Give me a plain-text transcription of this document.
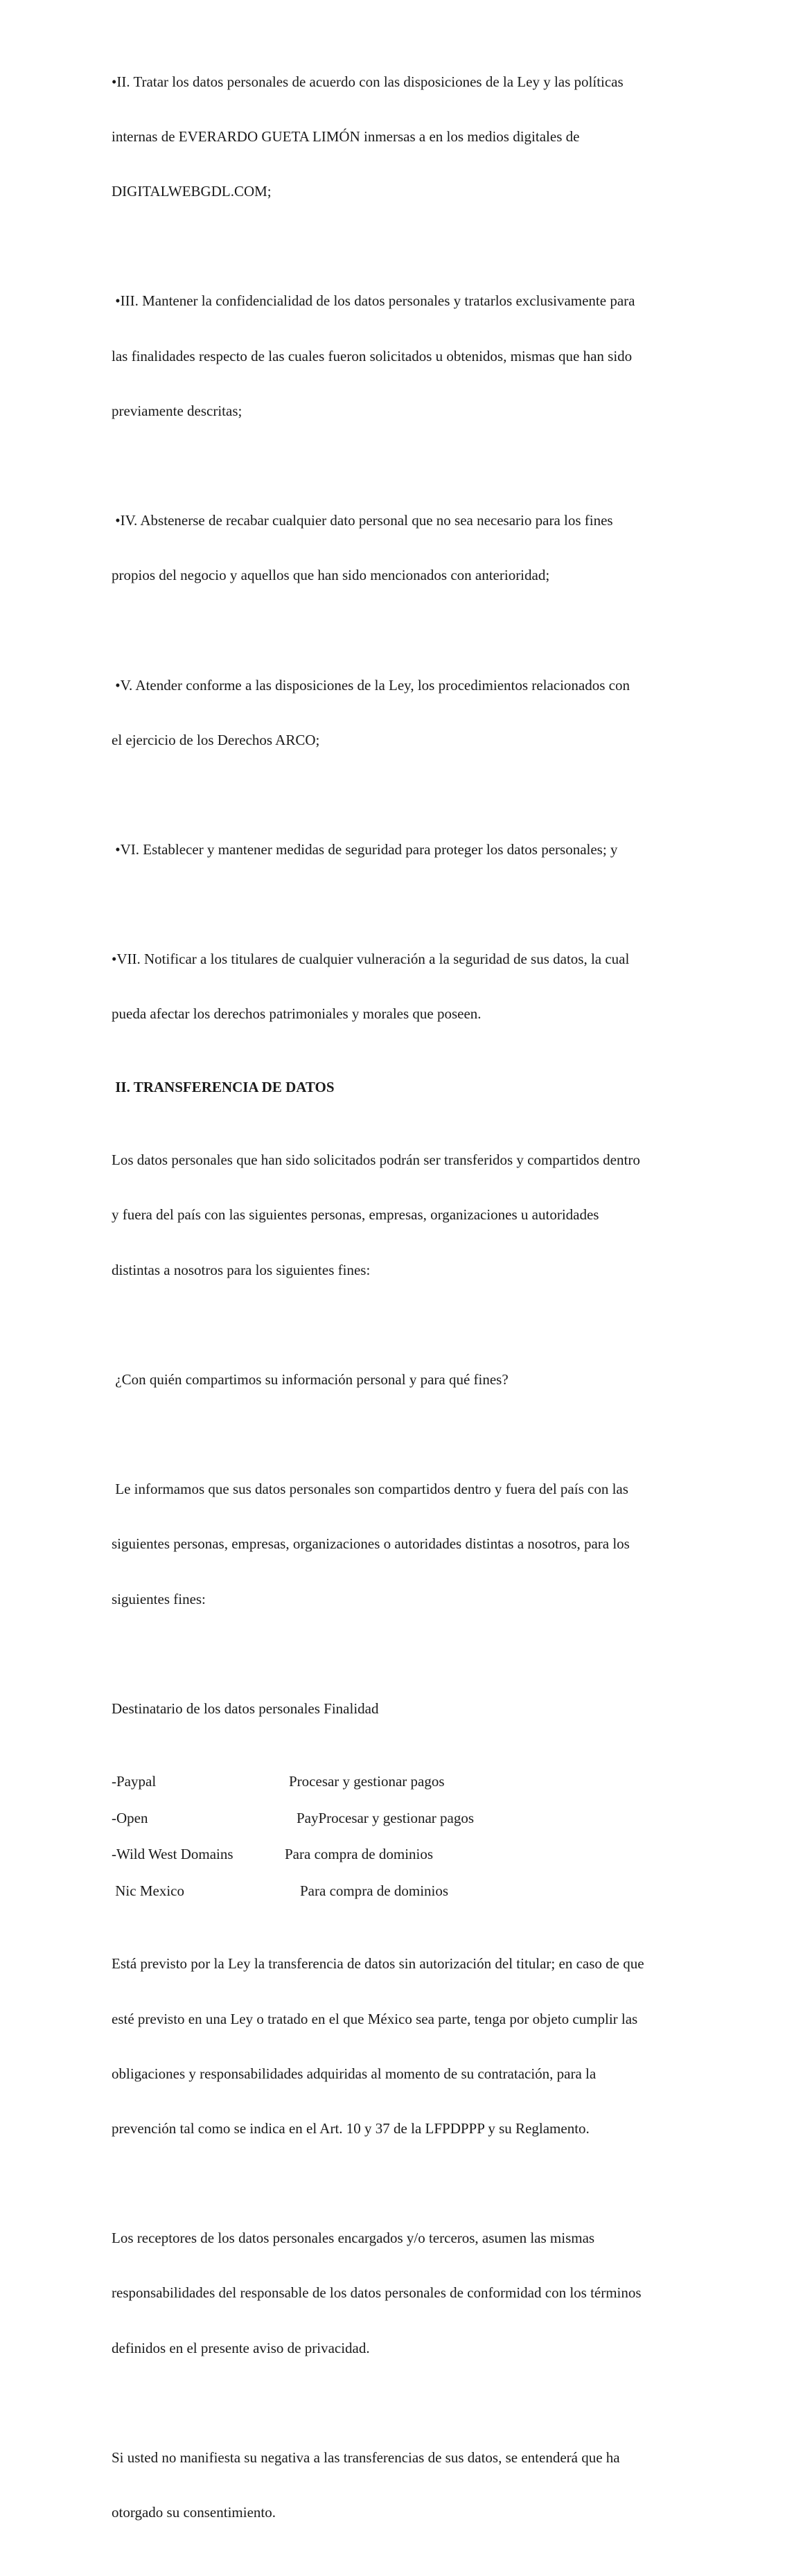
•II. Tratar los datos personales de acuerdo con las disposiciones de la Ley y las políticas

internas de EVERARDO GUETA LIMÓN inmersas a en los medios digitales de

DIGITALWEBGDL.COM;

•III. Mantener la confidencialidad de los datos personales y tratarlos exclusivamente para

las finalidades respecto de las cuales fueron solicitados u obtenidos, mismas que han sido

previamente descritas;

•IV. Abstenerse de recabar cualquier dato personal que no sea necesario para los fines

propios del negocio y aquellos que han sido mencionados con anterioridad;

•V. Atender conforme a las disposiciones de la Ley, los procedimientos relacionados con

el ejercicio de los Derechos ARCO;

•VI. Establecer y mantener medidas de seguridad para proteger los datos personales; y

•VII. Notificar a los titulares de cualquier vulneración a la seguridad de sus datos, la cual

pueda afectar los derechos patrimoniales y morales que poseen.

II. TRANSFERENCIA DE DATOS

Los datos personales que han sido solicitados podrán ser transferidos y compartidos dentro

y fuera del país con las siguientes personas, empresas, organizaciones u autoridades

distintas a nosotros para los siguientes fines:

¿Con quién compartimos su información personal y para qué fines?

Le informamos que sus datos personales son compartidos dentro y fuera del país con las

siguientes personas, empresas, organizaciones o autoridades distintas a nosotros, para los

siguientes fines:

Destinatario de los datos personales Finalidad

-Paypal	Procesar y gestionar pagos
-Open	PayProcesar y gestionar pagos
-Wild West Domains	Para compra de dominios
Nic Mexico	Para compra de dominios

Está previsto por la Ley la transferencia de datos sin autorización del titular; en caso de que

esté previsto en una Ley o tratado en el que México sea parte, tenga por objeto cumplir las

obligaciones y responsabilidades adquiridas al momento de su contratación, para la

prevención tal como se indica en el Art. 10 y 37 de la LFPDPPP y su Reglamento.

Los receptores de los datos personales encargados y/o terceros, asumen las mismas

responsabilidades del responsable de los datos personales de conformidad con los términos

definidos en el presente aviso de privacidad.

Si usted no manifiesta su negativa a las transferencias de sus datos, se entenderá que ha

otorgado su consentimiento.
